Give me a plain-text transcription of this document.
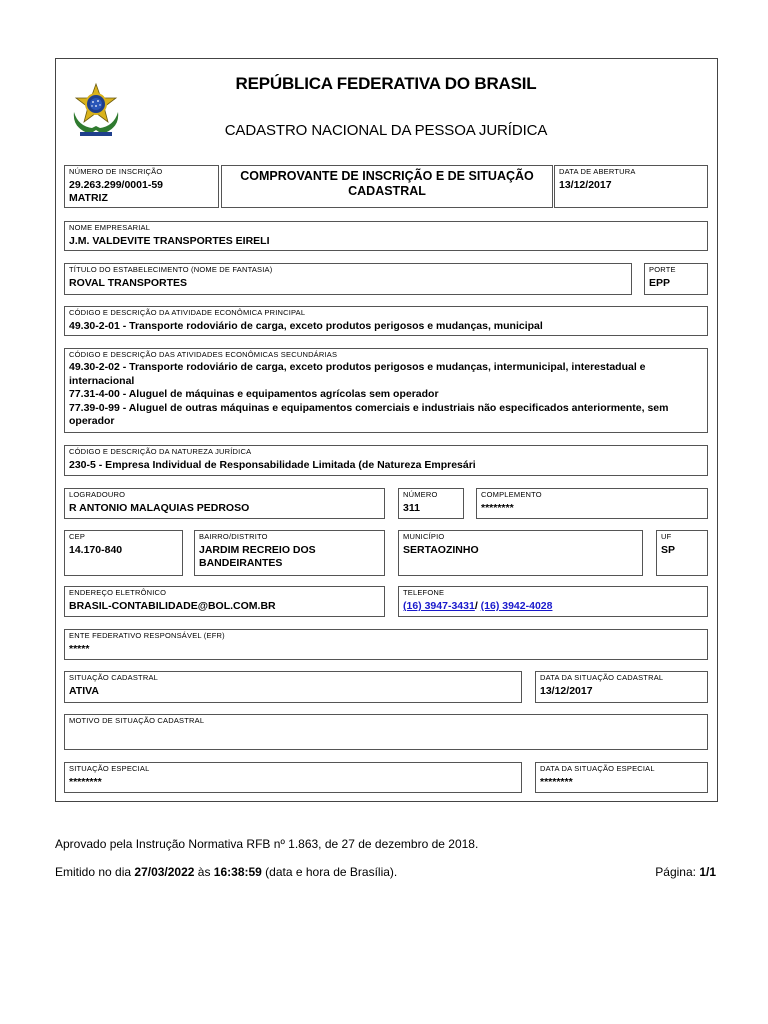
REPÚBLICA FEDERATIVA DO BRASIL
CADASTRO NACIONAL DA PESSOA JURÍDICA
NÚMERO DE INSCRIÇÃO
29.263.299/0001-59
MATRIZ
COMPROVANTE DE INSCRIÇÃO E DE SITUAÇÃO CADASTRAL
DATA DE ABERTURA
13/12/2017
NOME EMPRESARIAL
J.M. VALDEVITE TRANSPORTES EIRELI
TÍTULO DO ESTABELECIMENTO (NOME DE FANTASIA)
ROVAL TRANSPORTES
PORTE
EPP
CÓDIGO E DESCRIÇÃO DA ATIVIDADE ECONÔMICA PRINCIPAL
49.30-2-01 - Transporte rodoviário de carga, exceto produtos perigosos e mudanças, municipal
CÓDIGO E DESCRIÇÃO DAS ATIVIDADES ECONÔMICAS SECUNDÁRIAS
49.30-2-02 - Transporte rodoviário de carga, exceto produtos perigosos e mudanças, intermunicipal, interestadual e internacional
77.31-4-00 - Aluguel de máquinas e equipamentos agrícolas sem operador
77.39-0-99 - Aluguel de outras máquinas e equipamentos comerciais e industriais não especificados anteriormente, sem operador
CÓDIGO E DESCRIÇÃO DA NATUREZA JURÍDICA
230-5 - Empresa Individual de Responsabilidade Limitada (de Natureza Empresári
LOGRADOURO
R ANTONIO MALAQUIAS PEDROSO
NÚMERO
311
COMPLEMENTO
********
CEP
14.170-840
BAIRRO/DISTRITO
JARDIM RECREIO DOS BANDEIRANTES
MUNICÍPIO
SERTAOZINHO
UF
SP
ENDEREÇO ELETRÔNICO
BRASIL-CONTABILIDADE@BOL.COM.BR
TELEFONE
(16) 3947-3431/ (16) 3942-4028
ENTE FEDERATIVO RESPONSÁVEL (EFR)
*****
SITUAÇÃO CADASTRAL
ATIVA
DATA DA SITUAÇÃO CADASTRAL
13/12/2017
MOTIVO DE SITUAÇÃO CADASTRAL
SITUAÇÃO ESPECIAL
********
DATA DA SITUAÇÃO ESPECIAL
********
Aprovado pela Instrução Normativa RFB nº 1.863, de 27 de dezembro de 2018.
Emitido no dia 27/03/2022 às 16:38:59 (data e hora de Brasília).	Página: 1/1
